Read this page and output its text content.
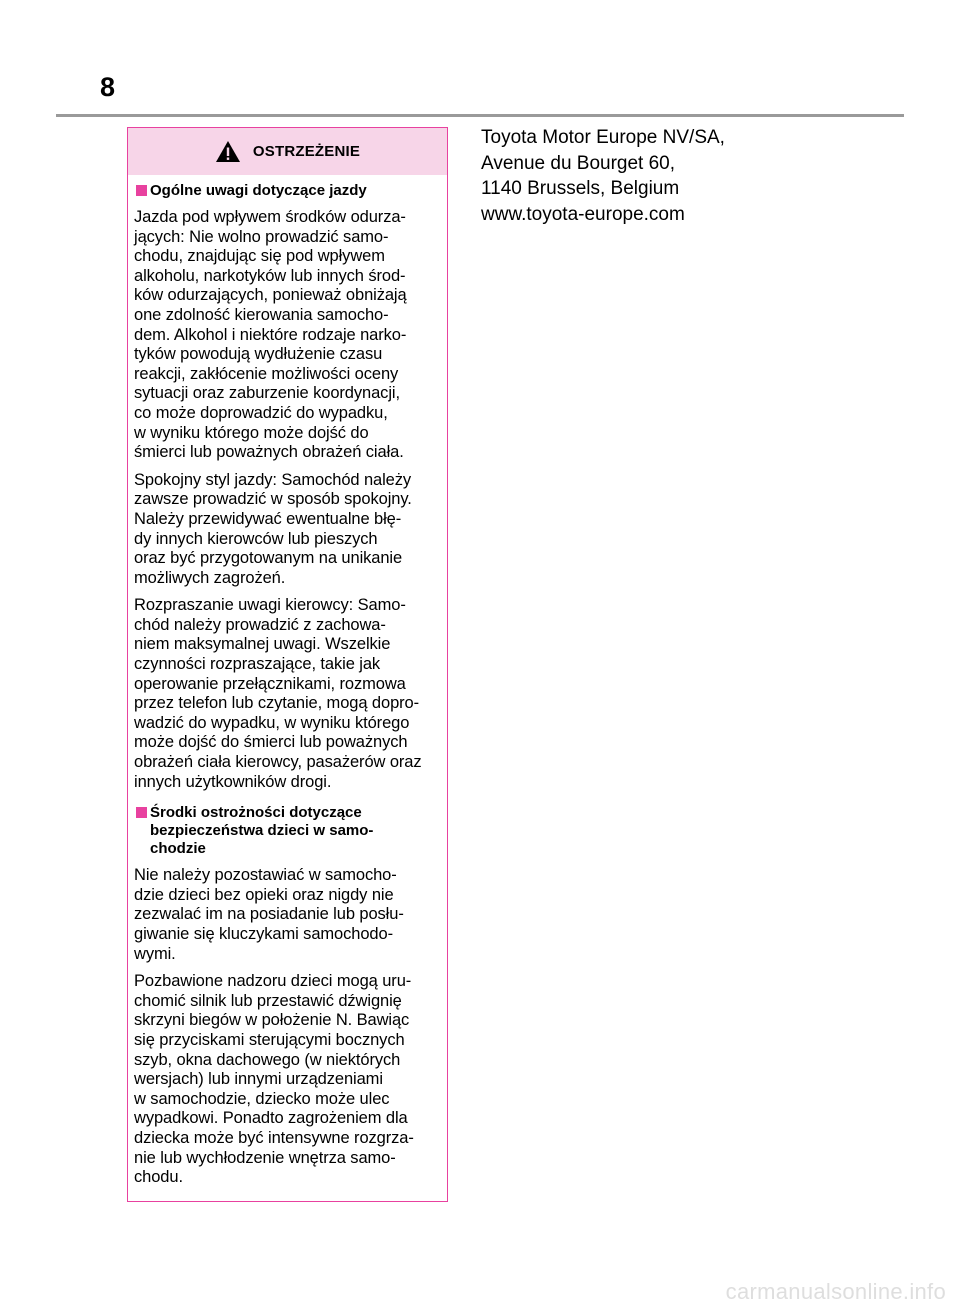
8
OSTRZEŻENIE
Ogólne uwagi dotyczące jazdy
Jazda pod wpływem środków odurza-
jących: Nie wolno prowadzić samo-
chodu, znajdując się pod wpływem
alkoholu, narkotyków lub innych środ-
ków odurzających, ponieważ obniżają
one zdolność kierowania samocho-
dem. Alkohol i niektóre rodzaje narko-
tyków powodują wydłużenie czasu
reakcji, zakłócenie możliwości oceny
sytuacji oraz zaburzenie koordynacji,
co może doprowadzić do wypadku,
w wyniku którego może dojść do
śmierci lub poważnych obrażeń ciała.
Spokojny styl jazdy: Samochód należy
zawsze prowadzić w sposób spokojny.
Należy przewidywać ewentualne błę-
dy innych kierowców lub pieszych
oraz być przygotowanym na unikanie
możliwych zagrożeń.
Rozpraszanie uwagi kierowcy: Samo-
chód należy prowadzić z zachowa-
niem maksymalnej uwagi. Wszelkie
czynności rozpraszające, takie jak
operowanie przełącznikami, rozmowa
przez telefon lub czytanie, mogą dopro-
wadzić do wypadku, w wyniku którego
może dojść do śmierci lub poważnych
obrażeń ciała kierowcy, pasażerów oraz
innych użytkowników drogi.
Środki ostrożności dotyczące
bezpieczeństwa dzieci w samo-
chodzie
Nie należy pozostawiać w samocho-
dzie dzieci bez opieki oraz nigdy nie
zezwalać im na posiadanie lub posłu-
giwanie się kluczykami samochodo-
wymi.
Pozbawione nadzoru dzieci mogą uru-
chomić silnik lub przestawić dźwignię
skrzyni biegów w położenie N. Bawiąc
się przyciskami sterującymi bocznych
szyb, okna dachowego (w niektórych
wersjach) lub innymi urządzeniami
w samochodzie, dziecko może ulec
wypadkowi. Ponadto zagrożeniem dla
dziecka może być intensywne rozgrza-
nie lub wychłodzenie wnętrza samo-
chodu.
Toyota Motor Europe NV/SA,
Avenue du Bourget 60,
1140 Brussels, Belgium
www.toyota-europe.com
carmanualsonline.info
